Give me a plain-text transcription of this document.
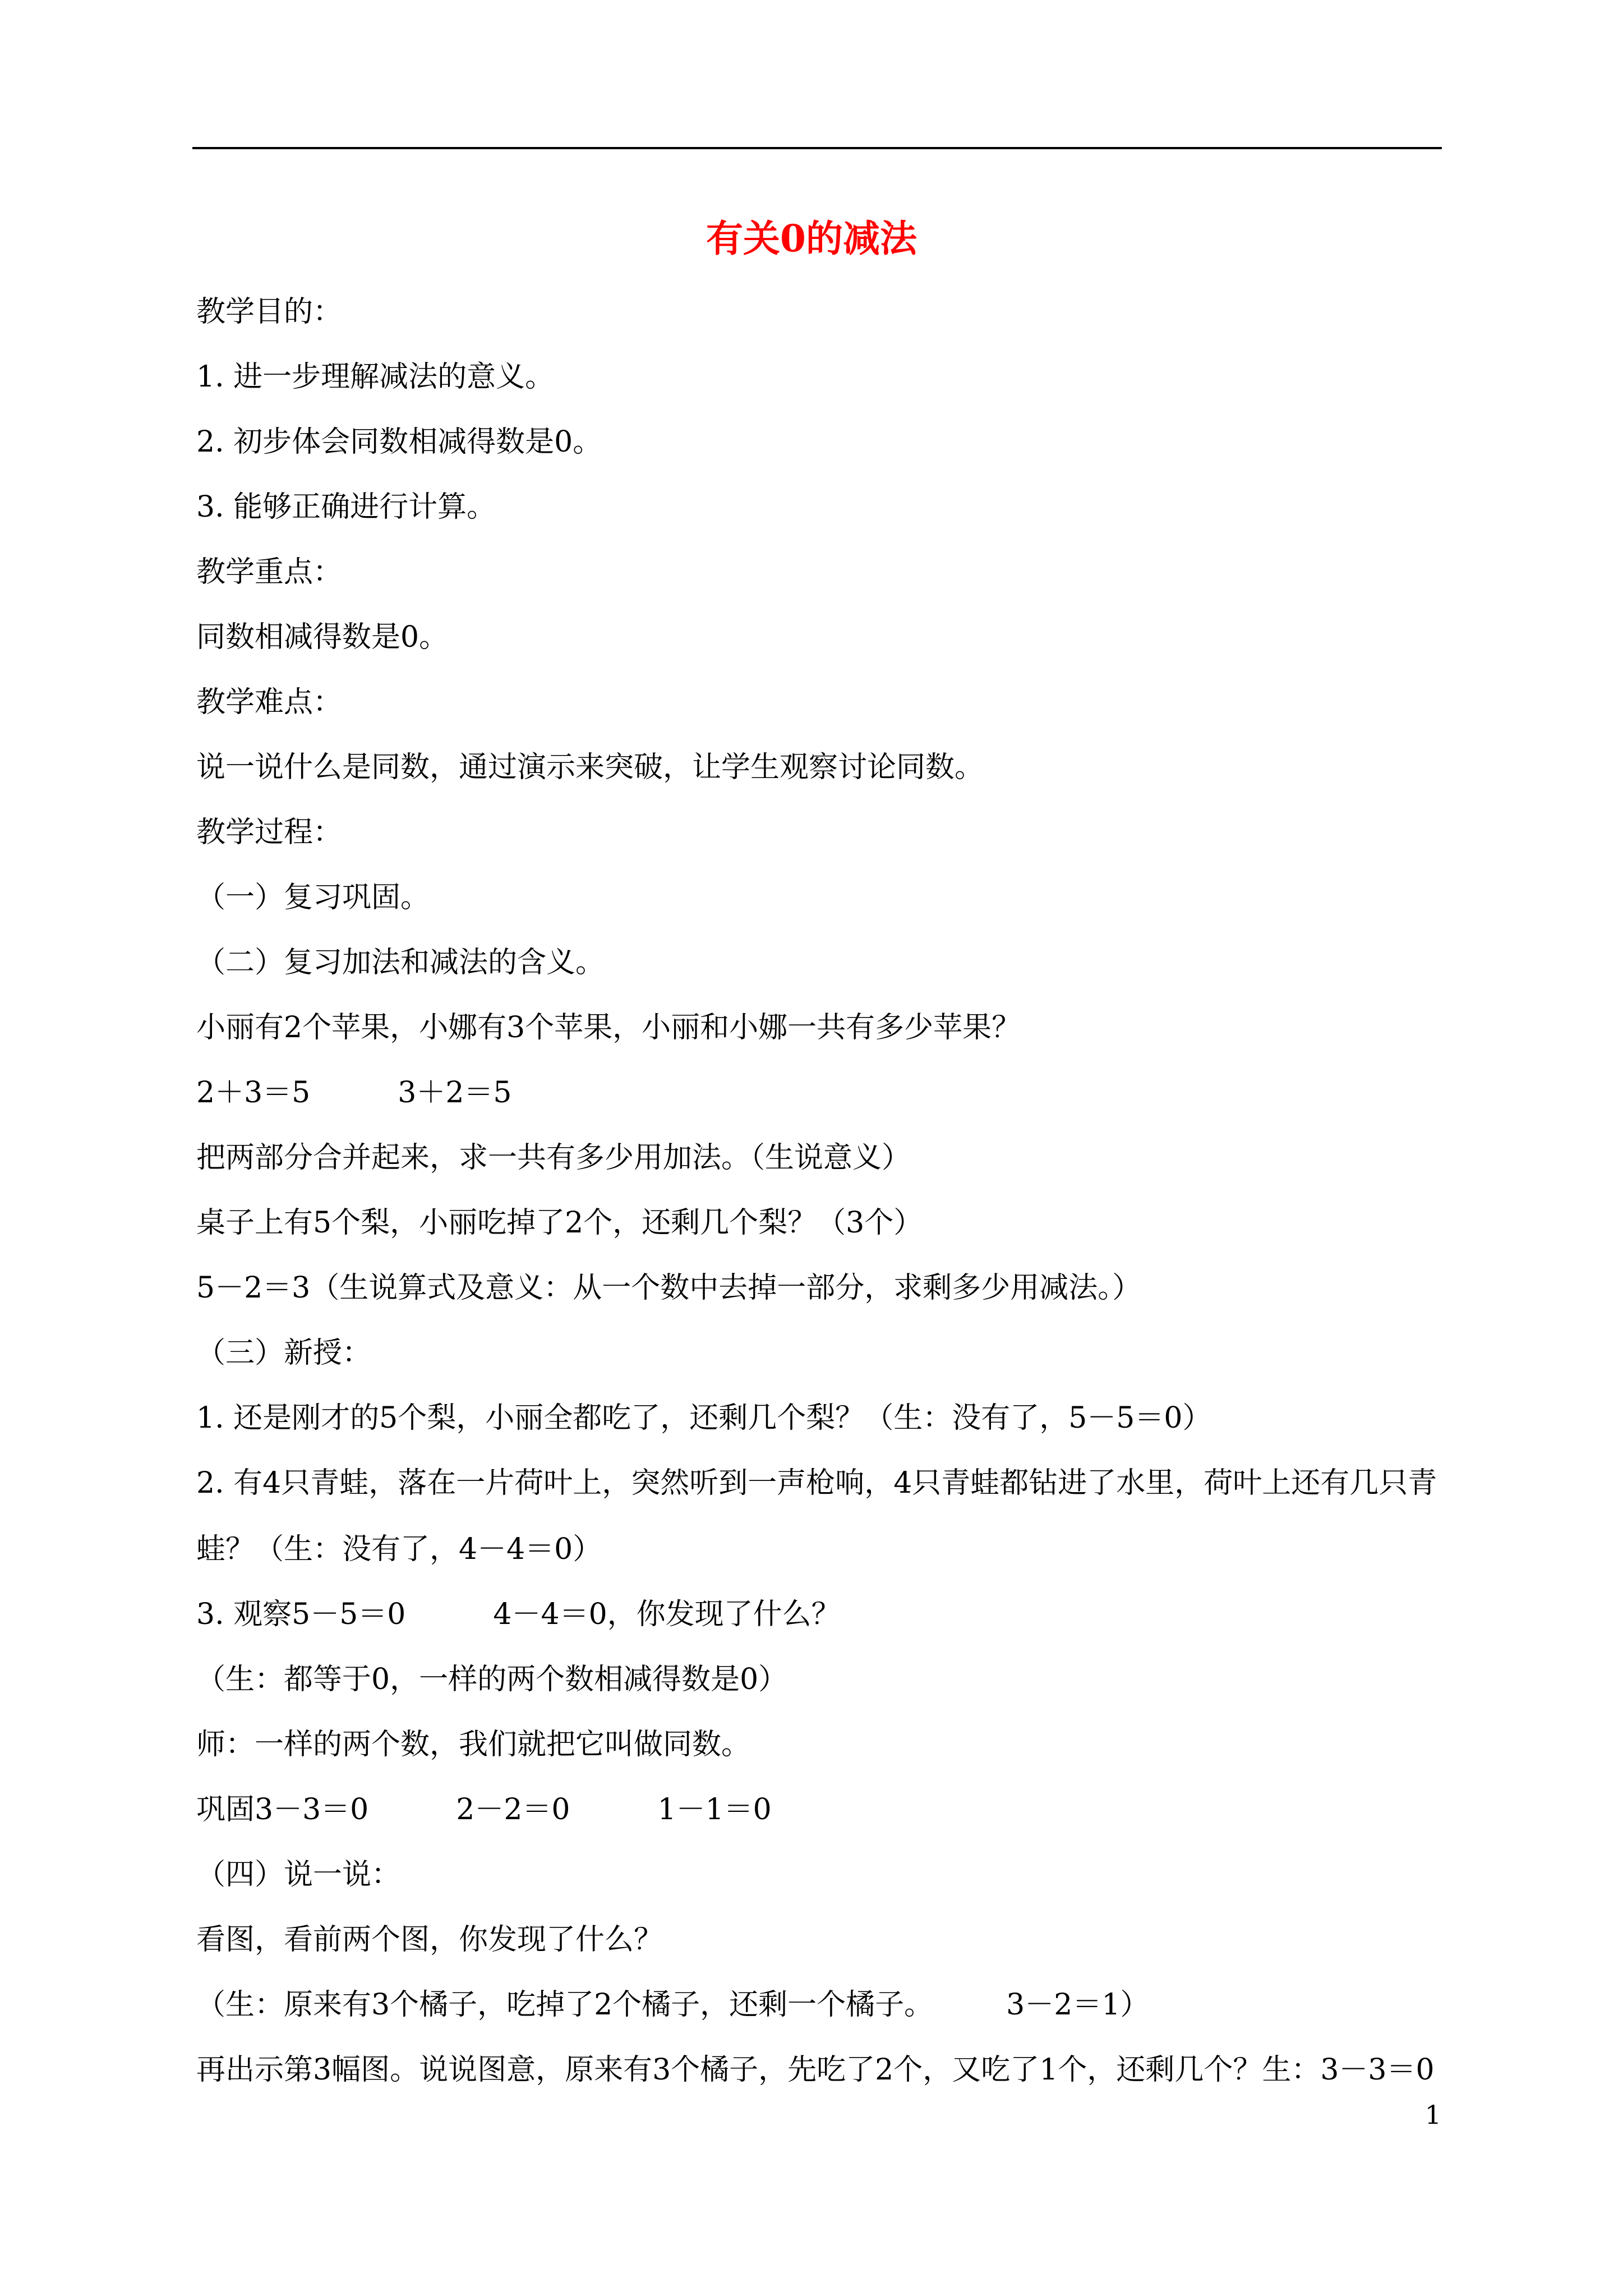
有关0的减法

教学目的：

1. 进一步理解减法的意义。

2. 初步体会同数相减得数是0。

3. 能够正确进行计算。

教学重点：

同数相减得数是0。

教学难点：

说一说什么是同数，通过演示来突破，让学生观察讨论同数。

教学过程：

（一）复习巩固。

（二）复习加法和减法的含义。

小丽有2个苹果，小娜有3个苹果，小丽和小娜一共有多少苹果？

2＋3＝5　　　3＋2＝5

把两部分合并起来，求一共有多少用加法。（生说意义）

桌子上有5个梨，小丽吃掉了2个，还剩几个梨？（3个）

5－2＝3（生说算式及意义：从一个数中去掉一部分，求剩多少用减法。）

（三）新授：

1. 还是刚才的5个梨，小丽全都吃了，还剩几个梨？（生：没有了，5－5＝0）

2. 有4只青蛙，落在一片荷叶上，突然听到一声枪响，4只青蛙都钻进了水里，荷叶上还有几只青

蛙？（生：没有了，4－4＝0）

3. 观察5－5＝0　　　4－4＝0，你发现了什么？

（生：都等于0，一样的两个数相减得数是0）

师：一样的两个数，我们就把它叫做同数。

巩固3－3＝0　　　2－2＝0　　　1－1＝0

（四）说一说：

看图，看前两个图，你发现了什么？

（生：原来有3个橘子，吃掉了2个橘子，还剩一个橘子。　　　3－2＝1）

再出示第3幅图。说说图意，原来有3个橘子，先吃了2个，又吃了1个，还剩几个？生：3－3＝0

1
